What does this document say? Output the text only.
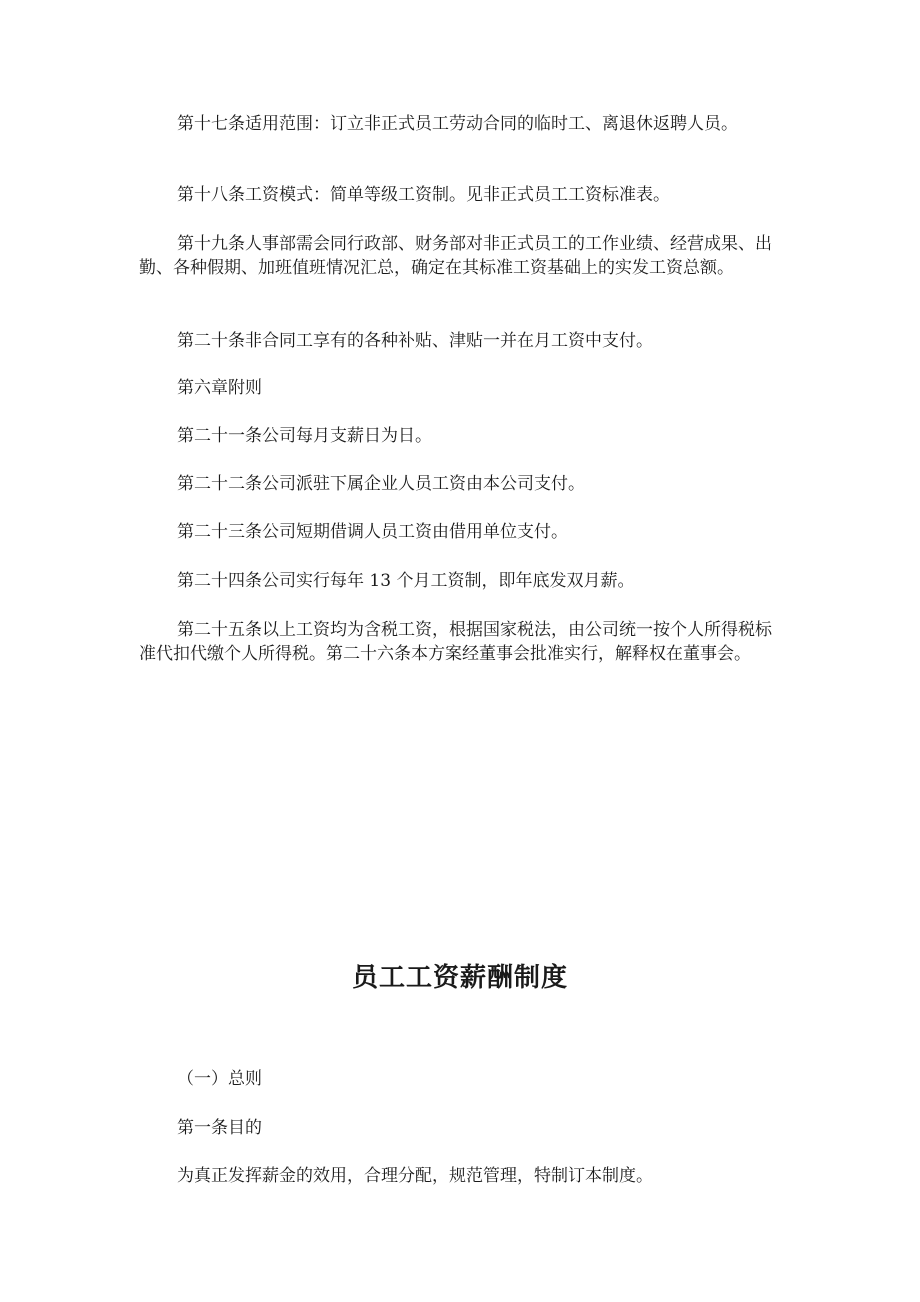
第十七条适用范围：订立非正式员工劳动合同的临时工、离退休返聘人员。

第十八条工资模式：简单等级工资制。见非正式员工工资标准表。

第十九条人事部需会同行政部、财务部对非正式员工的工作业绩、经营成果、出勤、各种假期、加班值班情况汇总，确定在其标准工资基础上的实发工资总额。

第二十条非合同工享有的各种补贴、津贴一并在月工资中支付。

第六章附则

第二十一条公司每月支薪日为日。

第二十二条公司派驻下属企业人员工资由本公司支付。

第二十三条公司短期借调人员工资由借用单位支付。

第二十四条公司实行每年 13 个月工资制，即年底发双月薪。

第二十五条以上工资均为含税工资，根据国家税法，由公司统一按个人所得税标准代扣代缴个人所得税。第二十六条本方案经董事会批准实行，解释权在董事会。

员工工资薪酬制度

（一）总则

第一条目的

为真正发挥薪金的效用，合理分配，规范管理，特制订本制度。
